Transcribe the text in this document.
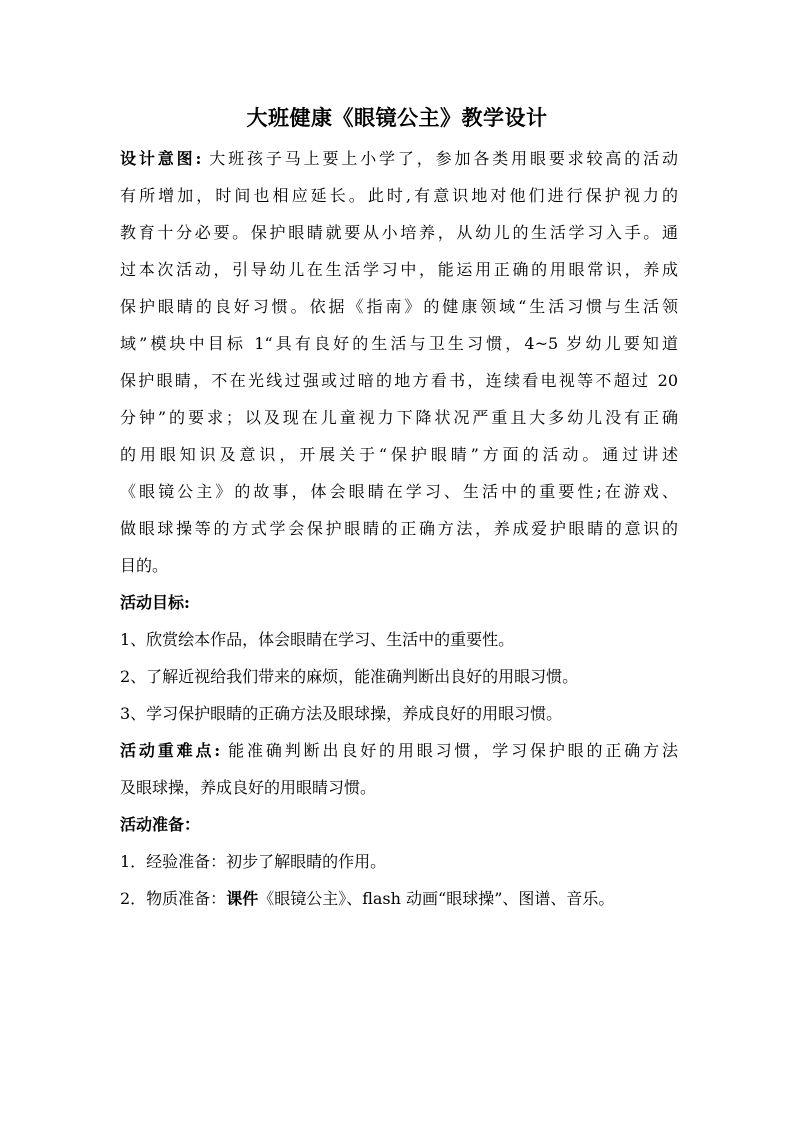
大班健康《眼镜公主》教学设计
设计意图: 大班孩子马上要上小学了，参加各类用眼要求较高的活动
有所增加，时间也相应延长。此时,有意识地对他们进行保护视力的
教育十分必要。保护眼睛就要从小培养，从幼儿的生活学习入手。通
过本次活动，引导幼儿在生活学习中，能运用正确的用眼常识，养成
保护眼睛的良好习惯。依据《指南》的健康领域“生活习惯与生活领
域”模块中目标 1“具有良好的生活与卫生习惯，4~5 岁幼儿要知道
保护眼睛，不在光线过强或过暗的地方看书，连续看电视等不超过 20
分钟”的要求；以及现在儿童视力下降状况严重且大多幼儿没有正确
的用眼知识及意识，开展关于“保护眼睛”方面的活动。通过讲述
《眼镜公主》的故事，体会眼睛在学习、生活中的重要性;在游戏、
做眼球操等的方式学会保护眼睛的正确方法，养成爱护眼睛的意识的
目的。
活动目标:
1、欣赏绘本作品，体会眼睛在学习、生活中的重要性。
2、了解近视给我们带来的麻烦，能准确判断出良好的用眼习惯。
3、学习保护眼睛的正确方法及眼球操，养成良好的用眼习惯。
活动重难点: 能准确判断出良好的用眼习惯，学习保护眼的正确方法
及眼球操，养成良好的用眼睛习惯。
活动准备：
1．经验准备：初步了解眼睛的作用。
2．物质准备：课件《眼镜公主》、flash 动画“眼球操”、图谱、音乐。
